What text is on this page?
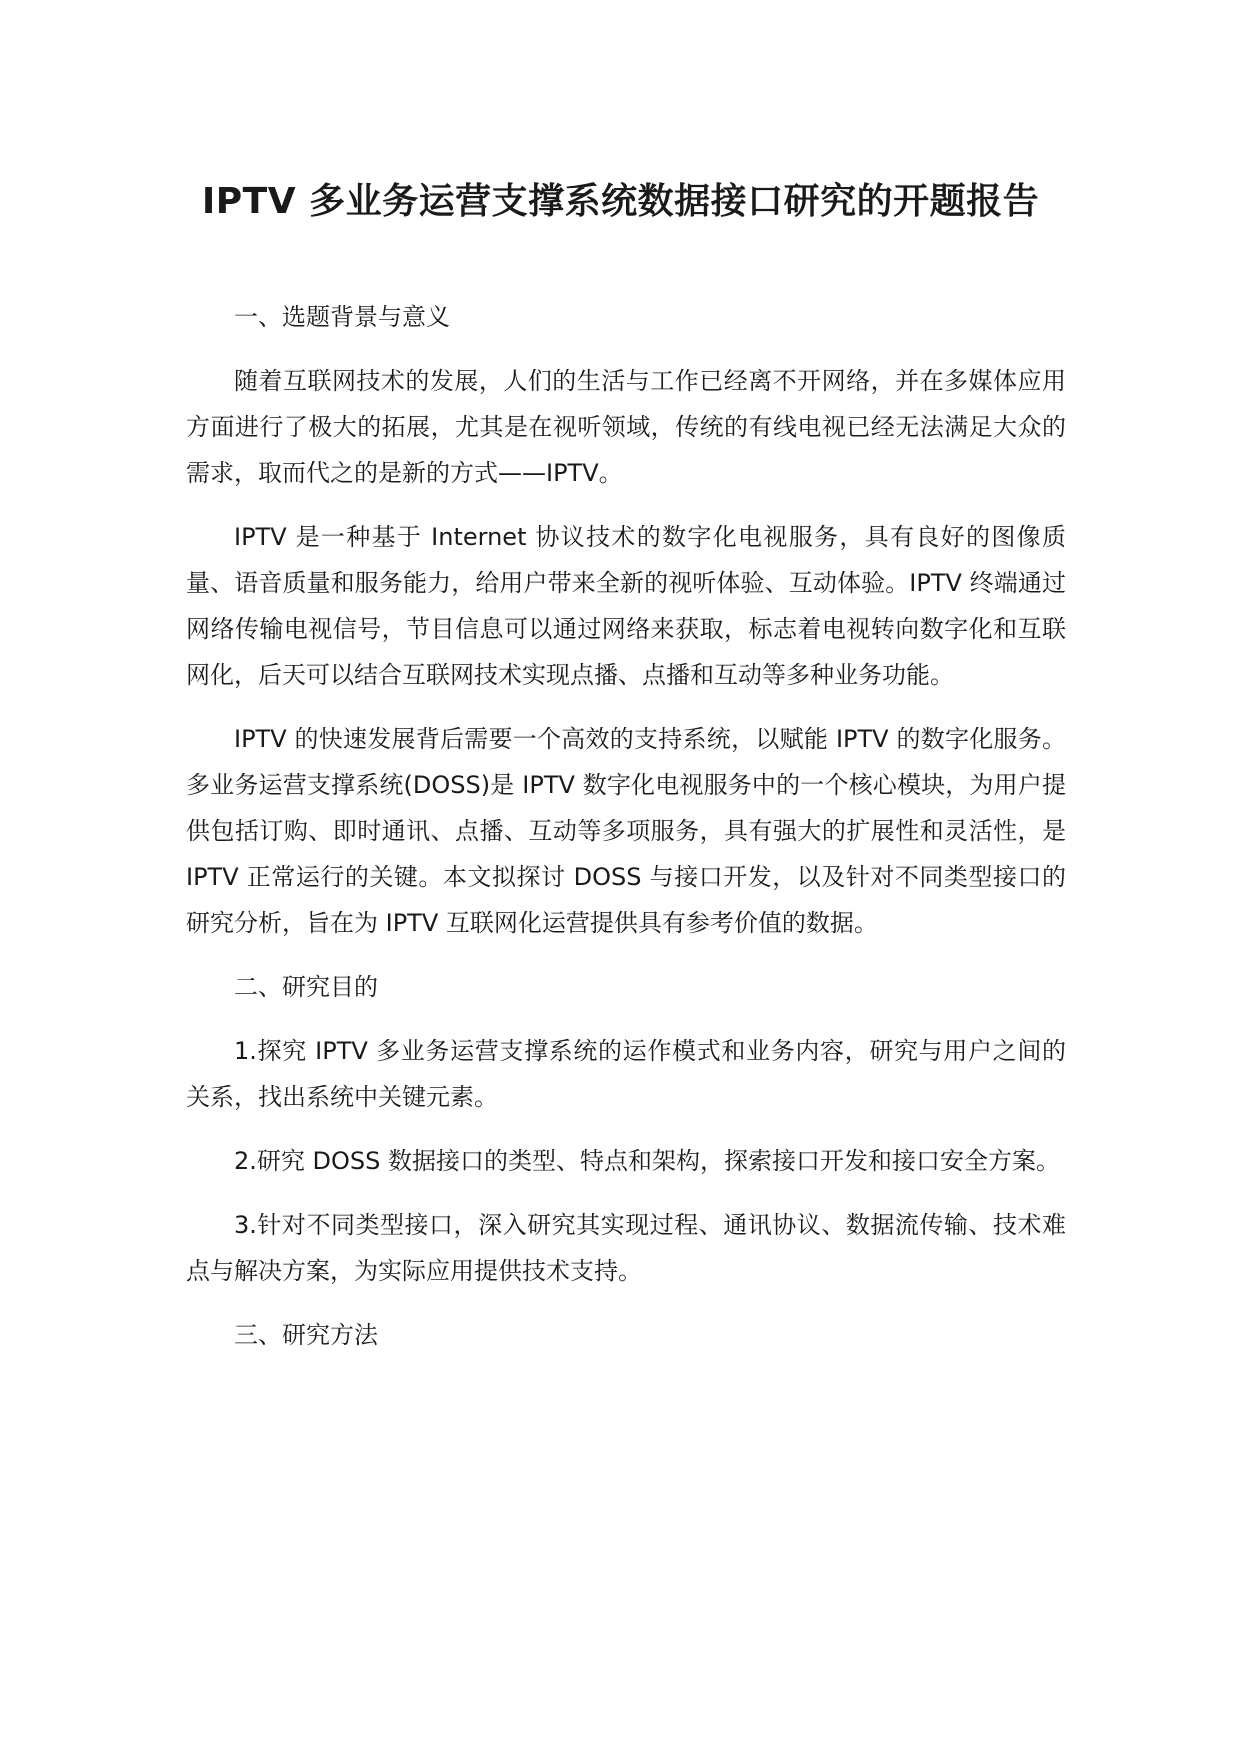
IPTV 多业务运营支撑系统数据接口研究的开题报告

一、选题背景与意义

随着互联网技术的发展，人们的生活与工作已经离不开网络，并在多媒体应用方面进行了极大的拓展，尤其是在视听领域，传统的有线电视已经无法满足大众的需求，取而代之的是新的方式——IPTV。

IPTV 是一种基于 Internet 协议技术的数字化电视服务，具有良好的图像质量、语音质量和服务能力，给用户带来全新的视听体验、互动体验。IPTV 终端通过网络传输电视信号，节目信息可以通过网络来获取，标志着电视转向数字化和互联网化，后天可以结合互联网技术实现点播、点播和互动等多种业务功能。

IPTV 的快速发展背后需要一个高效的支持系统，以赋能 IPTV 的数字化服务。多业务运营支撑系统(DOSS)是 IPTV 数字化电视服务中的一个核心模块，为用户提供包括订购、即时通讯、点播、互动等多项服务，具有强大的扩展性和灵活性，是 IPTV 正常运行的关键。本文拟探讨 DOSS 与接口开发，以及针对不同类型接口的研究分析，旨在为 IPTV 互联网化运营提供具有参考价值的数据。

二、研究目的

1.探究 IPTV 多业务运营支撑系统的运作模式和业务内容，研究与用户之间的关系，找出系统中关键元素。

2.研究 DOSS 数据接口的类型、特点和架构，探索接口开发和接口安全方案。

3.针对不同类型接口，深入研究其实现过程、通讯协议、数据流传输、技术难点与解决方案，为实际应用提供技术支持。

三、研究方法
